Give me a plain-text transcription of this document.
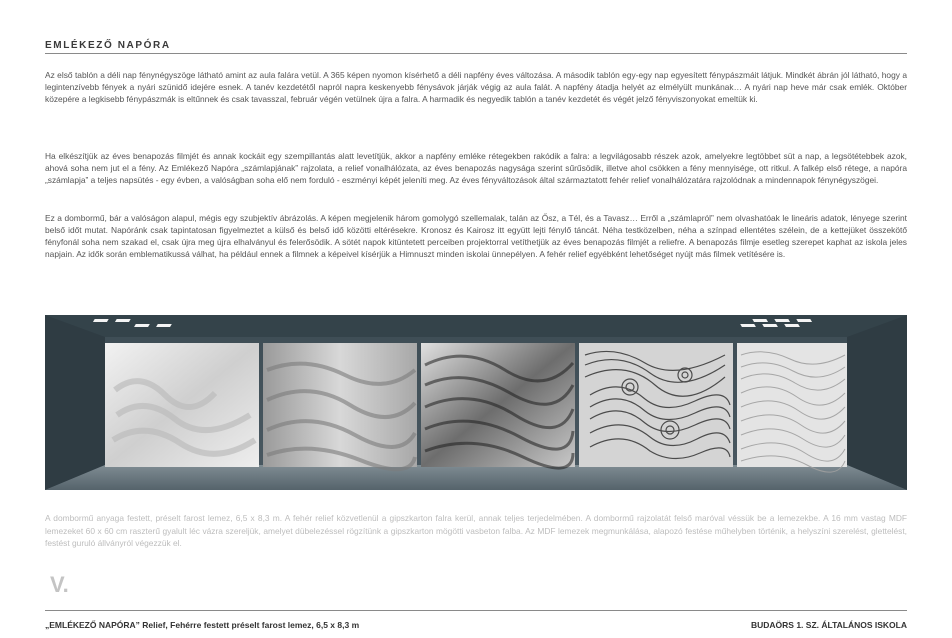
EMLÉKEZŐ NAPÓRA

Az első tablón a déli nap fénynégyszöge látható amint az aula falára vetül. A 365 képen nyomon kísérhető a déli napfény éves változása. A második tablón egy-egy nap egyesített fénypászmáit látjuk. Mindkét ábrán jól látható, hogy a legintenzívebb fények a nyári szünidő idejére esnek. A tanév kezdetétől napról napra keskenyebb fénysávok járják végig az aula falát. A napfény átadja helyét az elmélyült munkának… A nyári nap heve már csak emlék. Október közepére a legkisebb fénypászmák is eltűnnek és csak tavasszal, február végén vetülnek újra a falra. A harmadik és negyedik tablón a tanév kezdetét és végét jelző fényviszonyokat emeltük ki.

Ha elkészítjük az éves benapozás filmjét és annak kockáit egy szempillantás alatt levetítjük, akkor a napfény emléke rétegekben rakódik a falra: a legvilágosabb részek azok, amelyekre legtöbbet süt a nap, a legsötétebbek azok, ahová soha nem jut el a fény. Az Emlékező Napóra „számlapjának” rajzolata, a relief vonalhálózata, az éves benapozás nagysága szerint sűrűsödik, illetve ahol csökken a fény mennyisége, ott ritkul. A falkép első rétege, a napóra „számlapja” a teljes napsütés - egy évben, a valóságban soha elő nem forduló - eszményi képét jeleníti meg. Az éves fényváltozások által származtatott fehér relief vonalhálózatára rajzolódnak a mindennapok fénynégyszögei.

Ez a dombormű, bár a valóságon alapul, mégis egy szubjektív ábrázolás. A képen megjelenik három gomolygó szellemalak, talán az Ősz, a Tél, és a Tavasz… Erről a „számlapról” nem olvashatóak le lineáris adatok, lényege szerint belső időt mutat. Napóránk csak tapintatosan figyelmeztet a külső és belső idő közötti eltérésekre. Kronosz és Kairosz itt együtt lejti fénylő táncát. Néha testközelben, néha a színpad ellentétes szélein, de a kettejüket összekötő fényfonál soha nem szakad el, csak újra meg újra elhalványul és felerősödik. A sötét napok kitüntetett perceiben projektorral vetíthetjük az éves benapozás filmjét a reliefre. A benapozás filmje esetleg szerepet kaphat az iskola jeles napjain. Az idők során emblematikussá válhat, ha például ennek a filmnek a képeivel kísérjük a Himnuszt minden iskolai ünnepélyen. A fehér relief egyébként lehetőséget nyújt más filmek vetítésére is.

A dombormű anyaga festett, préselt farost lemez, 6,5 x 8,3 m. A fehér relief közvetlenül a gipszkarton falra kerül, annak teljes terjedelmében. A dombormű rajzolatát felső maróval véssük be a lemezekbe. A 16 mm vastag MDF lemezeket 60 x 60 cm raszterű gyalult léc vázra szereljük, amelyet dübelezéssel rögzítünk a gipszkarton mögötti vasbeton falba. Az MDF lemezek megmunkálása, alapozó festése műhelyben történik, a helyszíni szerelést, glettelést, festést guruló állványról végezzük el.

V.
„EMLÉKEZŐ NAPÓRA” Relief, Fehérre festett préselt farost lemez, 6,5 x 8,3 m	BUDAÖRS 1. SZ. ÁLTALÁNOS ISKOLA
